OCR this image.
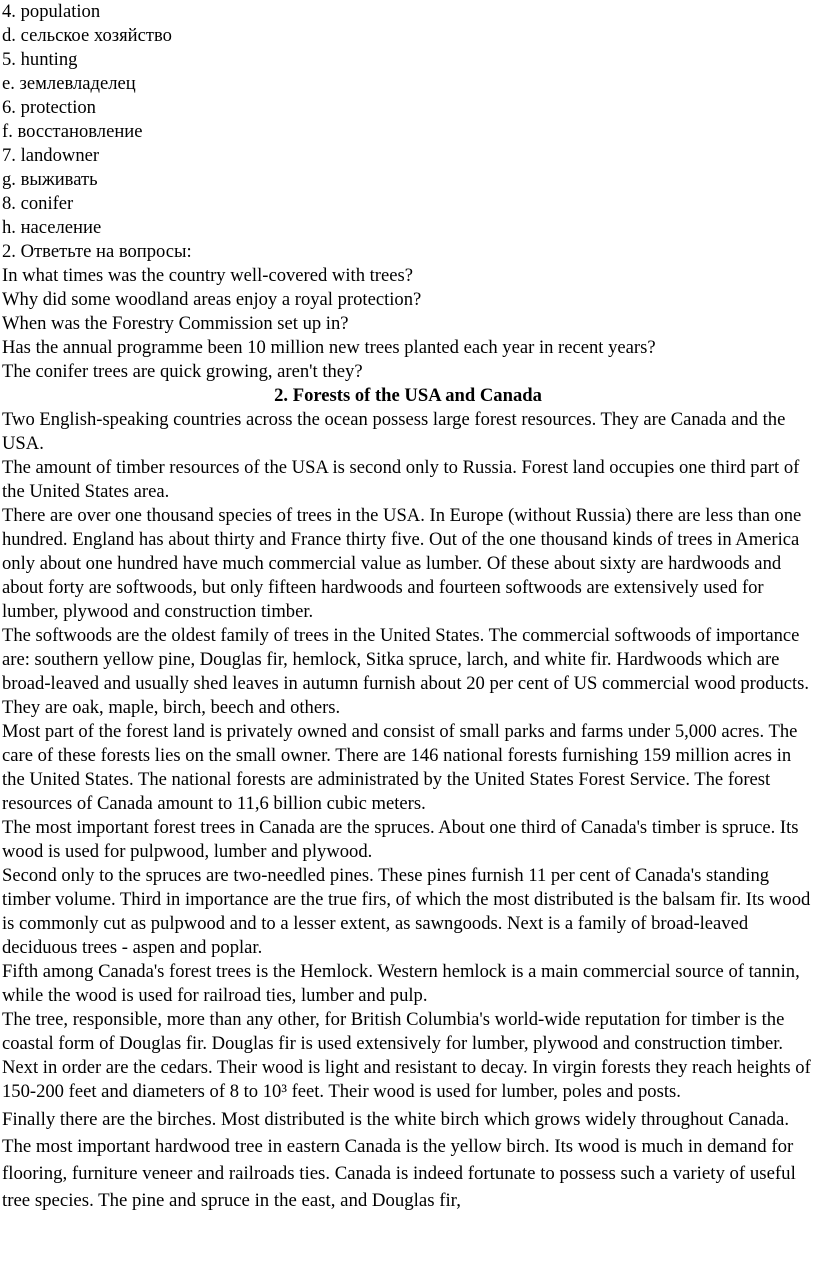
4. population

d. сельское хозяйство

5. hunting

e. землевладелец

6. protection

f. восстановление

7. landowner

g. выживать

8. conifer

h. население

2. Ответьте на вопросы:

In what times was the country well-covered with trees?

Why did some woodland areas enjoy a royal protection?

When was the Forestry Commission set up in?

Has the annual programme been 10 million new trees planted each year in recent years?

The conifer trees are quick growing, aren't they?

2. Forests of the USA and Canada

Two English-speaking countries across the ocean possess large forest resources. They are Canada and the USA.

The amount of timber resources of the USA is second only to Russia. Forest land occupies one third part of the United States area.

There are over one thousand species of trees in the USA. In Europe (without Russia) there are less than one hundred. England has about thirty and France thirty five. Out of the one thousand kinds of trees in America only about one hundred have much commercial value as lumber. Of these about sixty are hardwoods and about forty are softwoods, but only fifteen hardwoods and fourteen softwoods are extensively used for lumber, plywood and construction timber.

The softwoods are the oldest family of trees in the United States. The commercial softwoods of importance are: southern yellow pine, Douglas fir, hemlock, Sitka spruce, larch, and white fir. Hardwoods which are broad-leaved and usually shed leaves in autumn furnish about 20 per cent of US commercial wood products. They are oak, maple, birch, beech and others.

Most part of the forest land is privately owned and consist of small parks and farms under 5,000 acres. The care of these forests lies on the small owner. There are 146 national forests furnishing 159 million acres in the United States. The national forests are administrated by the United States Forest Service. The forest resources of Canada amount to 11,6 billion cubic meters.

The most important forest trees in Canada are the spruces. About one third of Canada's timber is spruce. Its wood is used for pulpwood, lumber and plywood.

Second only to the spruces are two-needled pines. These pines furnish 11 per cent of Canada's standing timber volume. Third in importance are the true firs, of which the most distributed is the balsam fir. Its wood is commonly cut as pulpwood and to a lesser extent, as sawngoods. Next is a family of broad-leaved deciduous trees - aspen and poplar.

Fifth among Canada's forest trees is the Hemlock. Western hemlock is a main commercial source of tannin, while the wood is used for railroad ties, lumber and pulp.

The tree, responsible, more than any other, for British Columbia's world-wide reputation for timber is the coastal form of Douglas fir. Douglas fir is used extensively for lumber, plywood and construction timber. Next in order are the cedars. Their wood is light and resistant to decay. In virgin forests they reach heights of 150-200 feet and diameters of 8 to 10³ feet. Their wood is used for lumber, poles and posts.

Finally there are the birches. Most distributed is the white birch which grows widely throughout Canada. The most important hardwood tree in eastern Canada is the yellow birch. Its wood is much in demand for flooring, furniture veneer and railroads ties. Canada is indeed fortunate to possess such a variety of useful tree species. The pine and spruce in the east, and Douglas fir,
